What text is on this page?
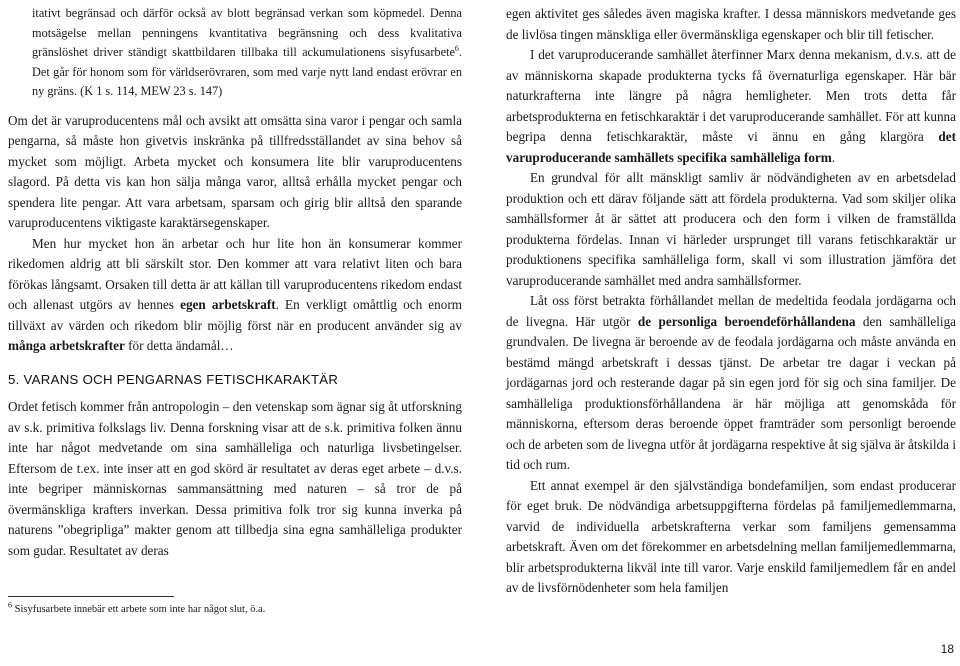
itativt begränsad och därför också av blott begränsad verkan som köpmedel. Denna motsägelse mellan penningens kvantitativa begränsning och dess kvalitativa gränslöshet driver ständigt skattbildaren tillbaka till ackumulationens sisyfusarbete$^6$. Det går för honom som för världserövraren, som med varje nytt land endast erövrar en ny gräns. (K 1 s. 114, MEW 23 s. 147)

Om det är varuproducentens mål och avsikt att omsätta sina varor i pengar och samla pengarna, så måste hon givetvis inskränka på tillfredsställandet av sina behov så mycket som möjligt. Arbeta mycket och konsumera lite blir varuproducentens slagord. På detta vis kan hon sälja många varor, alltså erhålla mycket pengar och spendera lite pengar. Att vara arbetsam, sparsam och girig blir alltså den sparande varuproducentens viktigaste karaktärsegenskaper.

Men hur mycket hon än arbetar och hur lite hon än konsumerar kommer rikedomen aldrig att bli särskilt stor. Den kommer att vara relativt liten och bara förökas långsamt. Orsaken till detta är att källan till varuproducentens rikedom endast och allenast utgörs av hennes egen arbetskraft. En verkligt omåttlig och enorm tillväxt av värden och rikedom blir möjlig först när en producent använder sig av många arbetskrafter för detta ändamål…

5. VARANS OCH PENGARNAS FETISCHKARAKTÄR

Ordet fetisch kommer från antropologin – den vetenskap som ägnar sig åt utforskning av s.k. primitiva folkslags liv. Denna forskning visar att de s.k. primitiva folken ännu inte har något medvetande om sina samhälleliga och naturliga livsbetingelser. Eftersom de t.ex. inte inser att en god skörd är resultatet av deras eget arbete – d.v.s. inte begriper människornas sammansättning med naturen – så tror de på övermänskliga krafters inverkan. Dessa primitiva folk tror sig kunna inverka på naturens ”obegripliga” makter genom att tillbedja sina egna samhälleliga produkter som gudar. Resultatet av deras

egen aktivitet ges således även magiska krafter. I dessa människors medvetande ges de livlösa tingen mänskliga eller övermänskliga egenskaper och blir till fetischer.

I det varuproducerande samhället återfinner Marx denna mekanism, d.v.s. att de av människorna skapade produkterna tycks få övernaturliga egenskaper. Här bär naturkrafterna inte längre på några hemligheter. Men trots detta får arbetsprodukterna en fetischkaraktär i det varuproducerande samhället. För att kunna begripa denna fetischkaraktär, måste vi ännu en gång klargöra det varuproducerande samhällets specifika samhälleliga form.

En grundval för allt mänskligt samliv är nödvändigheten av en arbetsdelad produktion och ett därav följande sätt att fördela produkterna. Vad som skiljer olika samhällsformer åt är sättet att producera och den form i vilken de framställda produkterna fördelas. Innan vi härleder ursprunget till varans fetischkaraktär ur produktionens specifika samhälleliga form, skall vi som illustration jämföra det varuproducerande samhället med andra samhällsformer.

Låt oss först betrakta förhållandet mellan de medeltida feodala jordägarna och de livegna. Här utgör de personliga beroendeförhållandena den samhälleliga grundvalen. De livegna är beroende av de feodala jordägarna och måste använda en bestämd mängd arbetskraft i dessas tjänst. De arbetar tre dagar i veckan på jordägarnas jord och resterande dagar på sin egen jord för sig och sina familjer. De samhälleliga produktionsförhållandena är här möjliga att genomskåda för människorna, eftersom deras beroende öppet framträder som personligt beroende och de arbeten som de livegna utför åt jordägarna respektive åt sig själva är åtskilda i tid och rum.

Ett annat exempel är den självständiga bondefamiljen, som endast producerar för eget bruk. De nödvändiga arbetsuppgifterna fördelas på familjemedlemmarna, varvid de individuella arbetskrafterna verkar som familjens gemensamma arbetskraft. Även om det förekommer en arbetsdelning mellan familjemedlemmarna, blir arbetsprodukterna likväl inte till varor. Varje enskild familjemedlem får en andel av de livsförnödenheter som hela familjen

$^6$ Sisyfusarbete innebär ett arbete som inte har något slut, ö.a.
18
